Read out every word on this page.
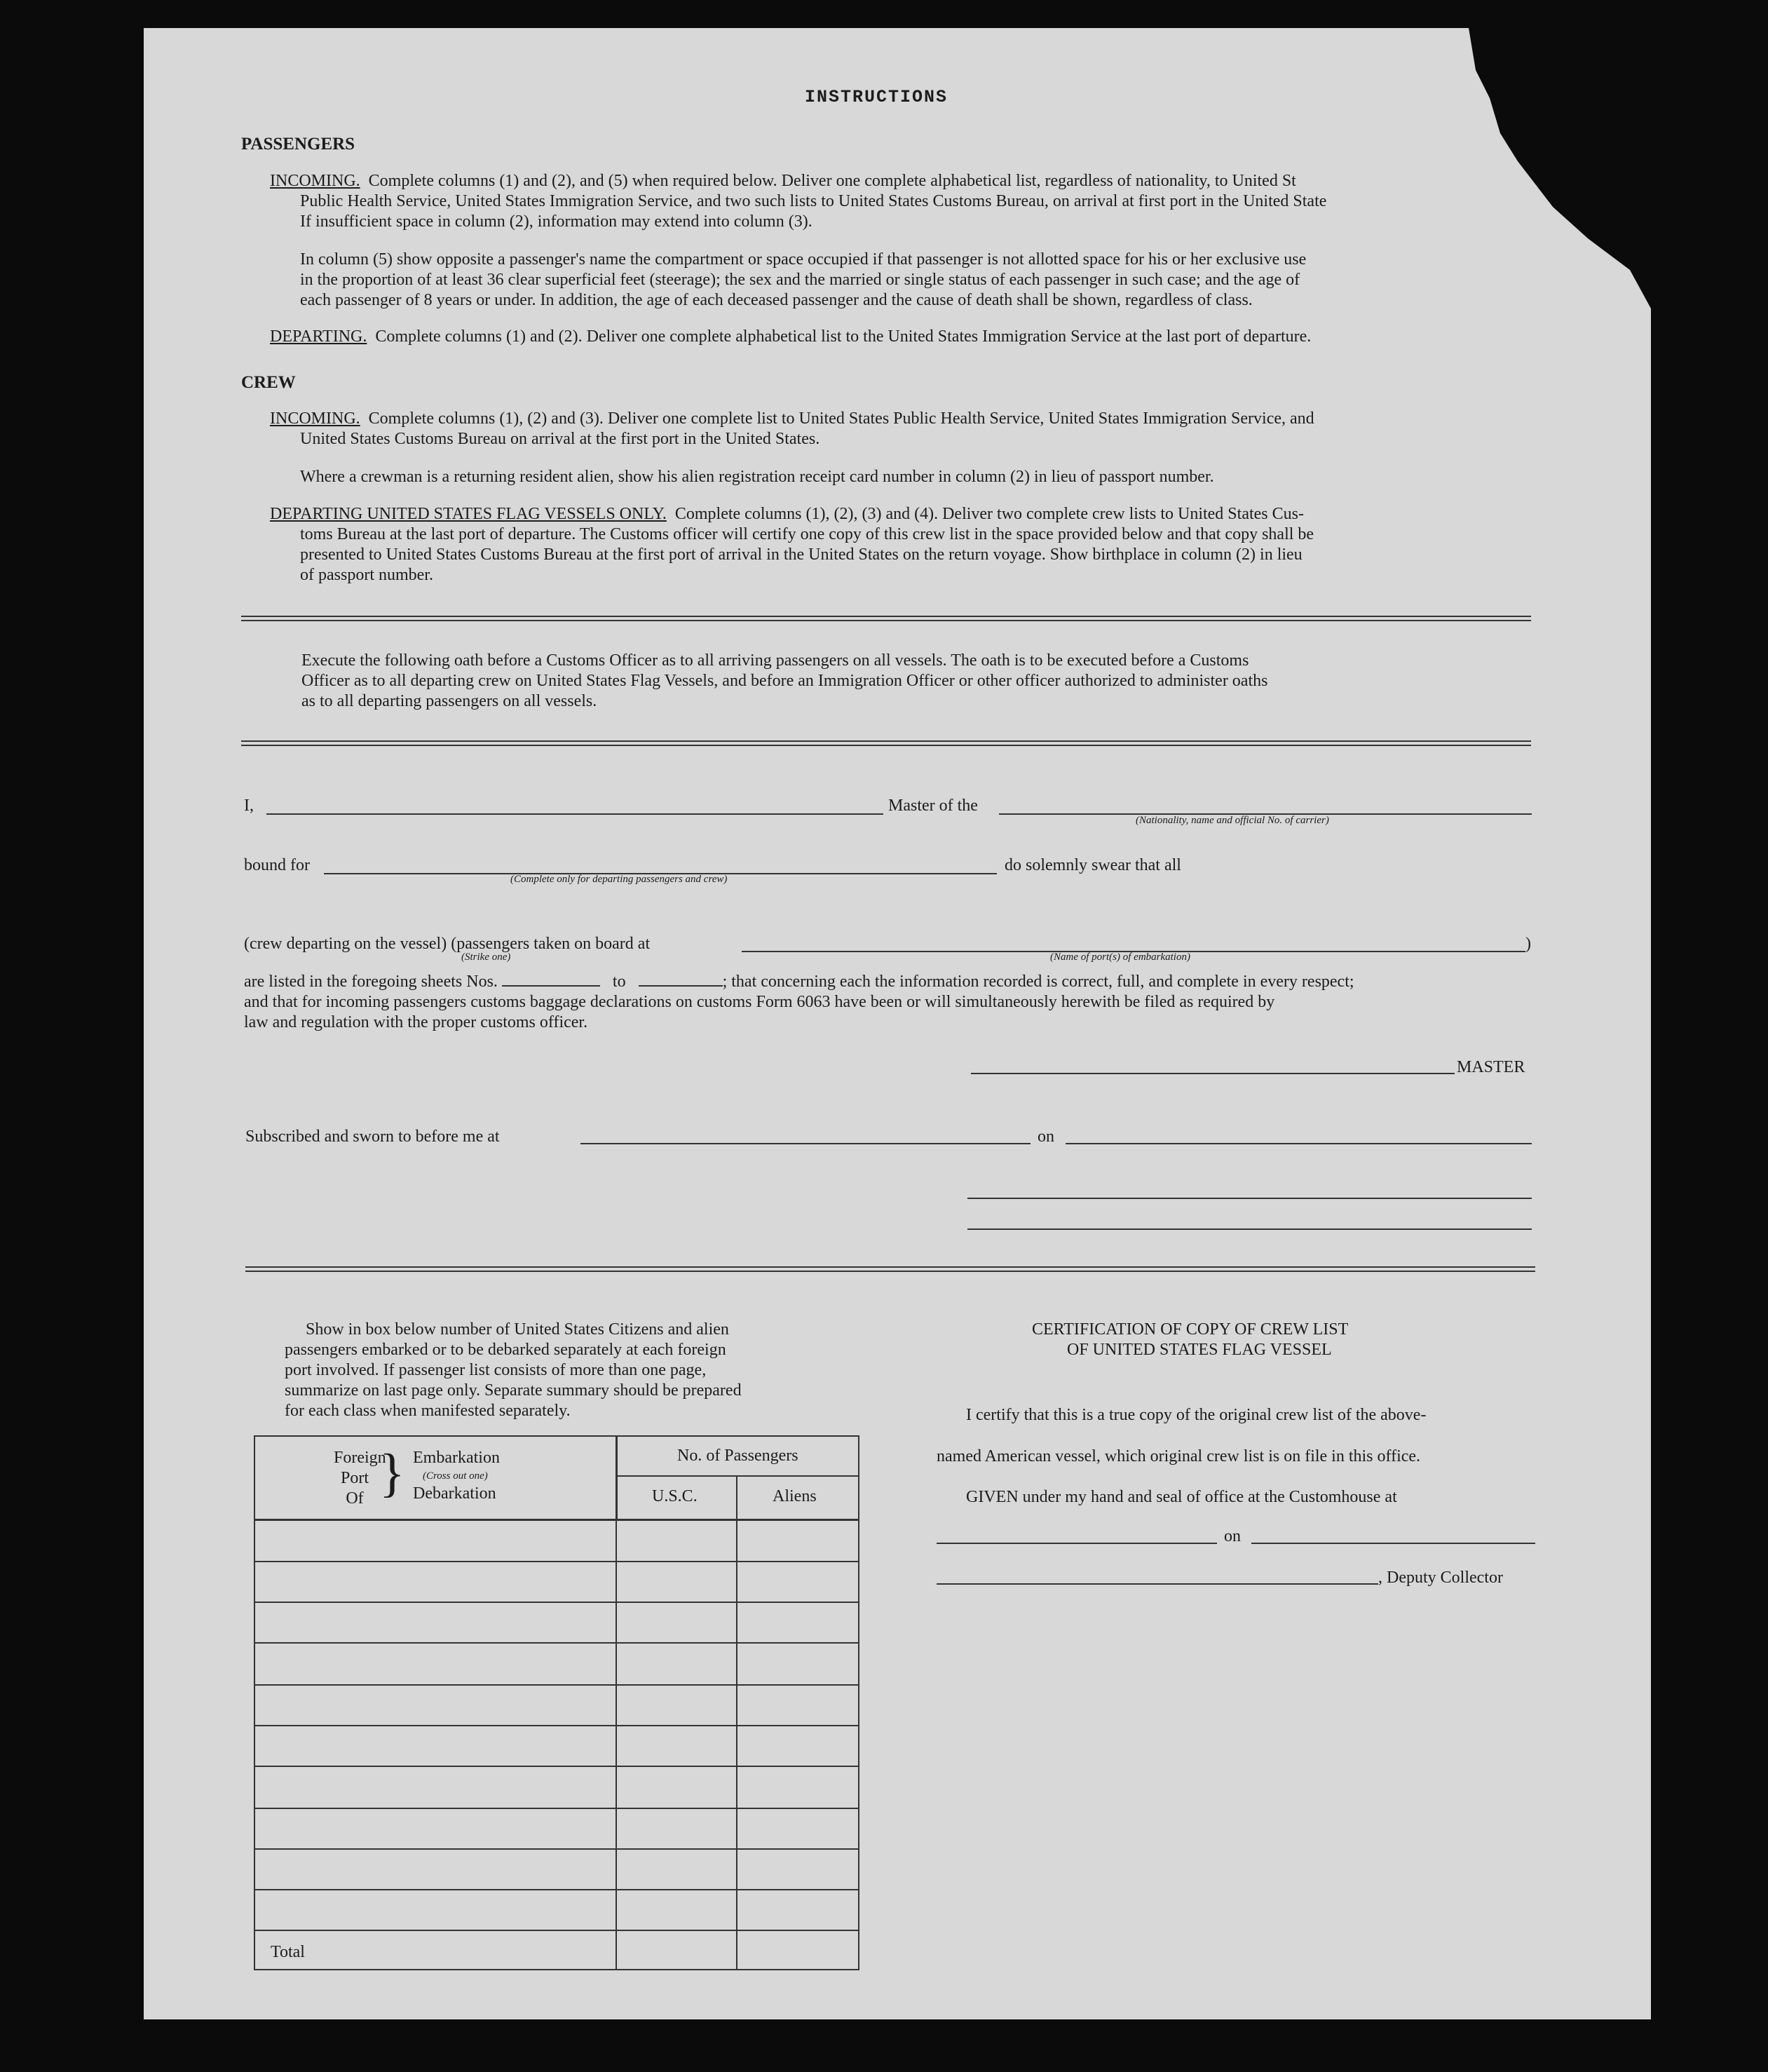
INSTRUCTIONS
PASSENGERS
INCOMING. Complete columns (1) and (2), and (5) when required below. Deliver one complete alphabetical list, regardless of nationality, to United St
Public Health Service, United States Immigration Service, and two such lists to United States Customs Bureau, on arrival at first port in the United State
If insufficient space in column (2), information may extend into column (3).
In column (5) show opposite a passenger's name the compartment or space occupied if that passenger is not allotted space for his or her exclusive use
in the proportion of at least 36 clear superficial feet (steerage); the sex and the married or single status of each passenger in such case; and the age of
each passenger of 8 years or under. In addition, the age of each deceased passenger and the cause of death shall be shown, regardless of class.
DEPARTING. Complete columns (1) and (2). Deliver one complete alphabetical list to the United States Immigration Service at the last port of departure.
CREW
INCOMING. Complete columns (1), (2) and (3). Deliver one complete list to United States Public Health Service, United States Immigration Service, and
United States Customs Bureau on arrival at the first port in the United States.
Where a crewman is a returning resident alien, show his alien registration receipt card number in column (2) in lieu of passport number.
DEPARTING UNITED STATES FLAG VESSELS ONLY. Complete columns (1), (2), (3) and (4). Deliver two complete crew lists to United States Cus-
toms Bureau at the last port of departure. The Customs officer will certify one copy of this crew list in the space provided below and that copy shall be
presented to United States Customs Bureau at the first port of arrival in the United States on the return voyage. Show birthplace in column (2) in lieu
of passport number.
Execute the following oath before a Customs Officer as to all arriving passengers on all vessels. The oath is to be executed before a Customs
Officer as to all departing crew on United States Flag Vessels, and before an Immigration Officer or other officer authorized to administer oaths
as to all departing passengers on all vessels.
I,	Master of the
(Nationality, name and official No. of carrier)
bound for
(Complete only for departing passengers and crew)
do solemnly swear that all
(crew departing on the vessel) (passengers taken on board at
(Strike one)
)
(Name of port(s) of embarkation)
are listed in the foregoing sheets Nos.	to	; that concerning each the information recorded is correct, full, and complete in every respect;
and that for incoming passengers customs baggage declarations on customs Form 6063 have been or will simultaneously herewith be filed as required by
law and regulation with the proper customs officer.
MASTER
Subscribed and sworn to before me at	on
Show in box below number of United States Citizens and alien
passengers embarked or to be debarked separately at each foreign
port involved. If passenger list consists of more than one page,
summarize on last page only. Separate summary should be prepared
for each class when manifested separately.
Foreign
Port
Of } Embarkation
(Cross out one)
Debarkation
	No. of Passengers

U.S.C.	Aliens
Total
CERTIFICATION OF COPY OF CREW LIST
OF UNITED STATES FLAG VESSEL
I certify that this is a true copy of the original crew list of the above-
named American vessel, which original crew list is on file in this office.
GIVEN under my hand and seal of office at the Customhouse at
on
, Deputy Collector
